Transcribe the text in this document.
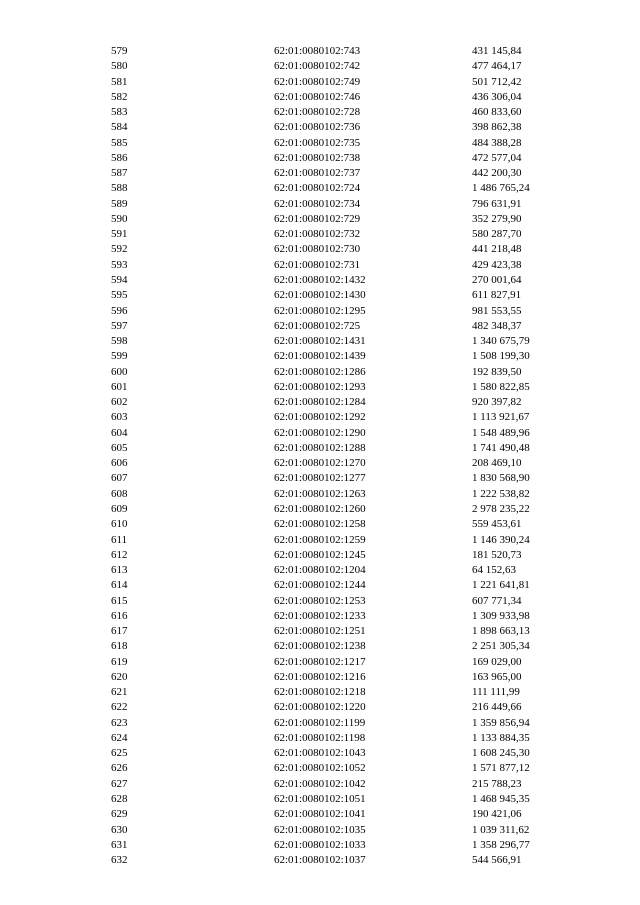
579	62:01:0080102:743	431 145,84
580	62:01:0080102:742	477 464,17
581	62:01:0080102:749	501 712,42
582	62:01:0080102:746	436 306,04
583	62:01:0080102:728	460 833,60
584	62:01:0080102:736	398 862,38
585	62:01:0080102:735	484 388,28
586	62:01:0080102:738	472 577,04
587	62:01:0080102:737	442 200,30
588	62:01:0080102:724	1 486 765,24
589	62:01:0080102:734	796 631,91
590	62:01:0080102:729	352 279,90
591	62:01:0080102:732	580 287,70
592	62:01:0080102:730	441 218,48
593	62:01:0080102:731	429 423,38
594	62:01:0080102:1432	270 001,64
595	62:01:0080102:1430	611 827,91
596	62:01:0080102:1295	981 553,55
597	62:01:0080102:725	482 348,37
598	62:01:0080102:1431	1 340 675,79
599	62:01:0080102:1439	1 508 199,30
600	62:01:0080102:1286	192 839,50
601	62:01:0080102:1293	1 580 822,85
602	62:01:0080102:1284	920 397,82
603	62:01:0080102:1292	1 113 921,67
604	62:01:0080102:1290	1 548 489,96
605	62:01:0080102:1288	1 741 490,48
606	62:01:0080102:1270	208 469,10
607	62:01:0080102:1277	1 830 568,90
608	62:01:0080102:1263	1 222 538,82
609	62:01:0080102:1260	2 978 235,22
610	62:01:0080102:1258	559 453,61
611	62:01:0080102:1259	1 146 390,24
612	62:01:0080102:1245	181 520,73
613	62:01:0080102:1204	64 152,63
614	62:01:0080102:1244	1 221 641,81
615	62:01:0080102:1253	607 771,34
616	62:01:0080102:1233	1 309 933,98
617	62:01:0080102:1251	1 898 663,13
618	62:01:0080102:1238	2 251 305,34
619	62:01:0080102:1217	169 029,00
620	62:01:0080102:1216	163 965,00
621	62:01:0080102:1218	111 111,99
622	62:01:0080102:1220	216 449,66
623	62:01:0080102:1199	1 359 856,94
624	62:01:0080102:1198	1 133 884,35
625	62:01:0080102:1043	1 608 245,30
626	62:01:0080102:1052	1 571 877,12
627	62:01:0080102:1042	215 788,23
628	62:01:0080102:1051	1 468 945,35
629	62:01:0080102:1041	190 421,06
630	62:01:0080102:1035	1 039 311,62
631	62:01:0080102:1033	1 358 296,77
632	62:01:0080102:1037	544 566,91
